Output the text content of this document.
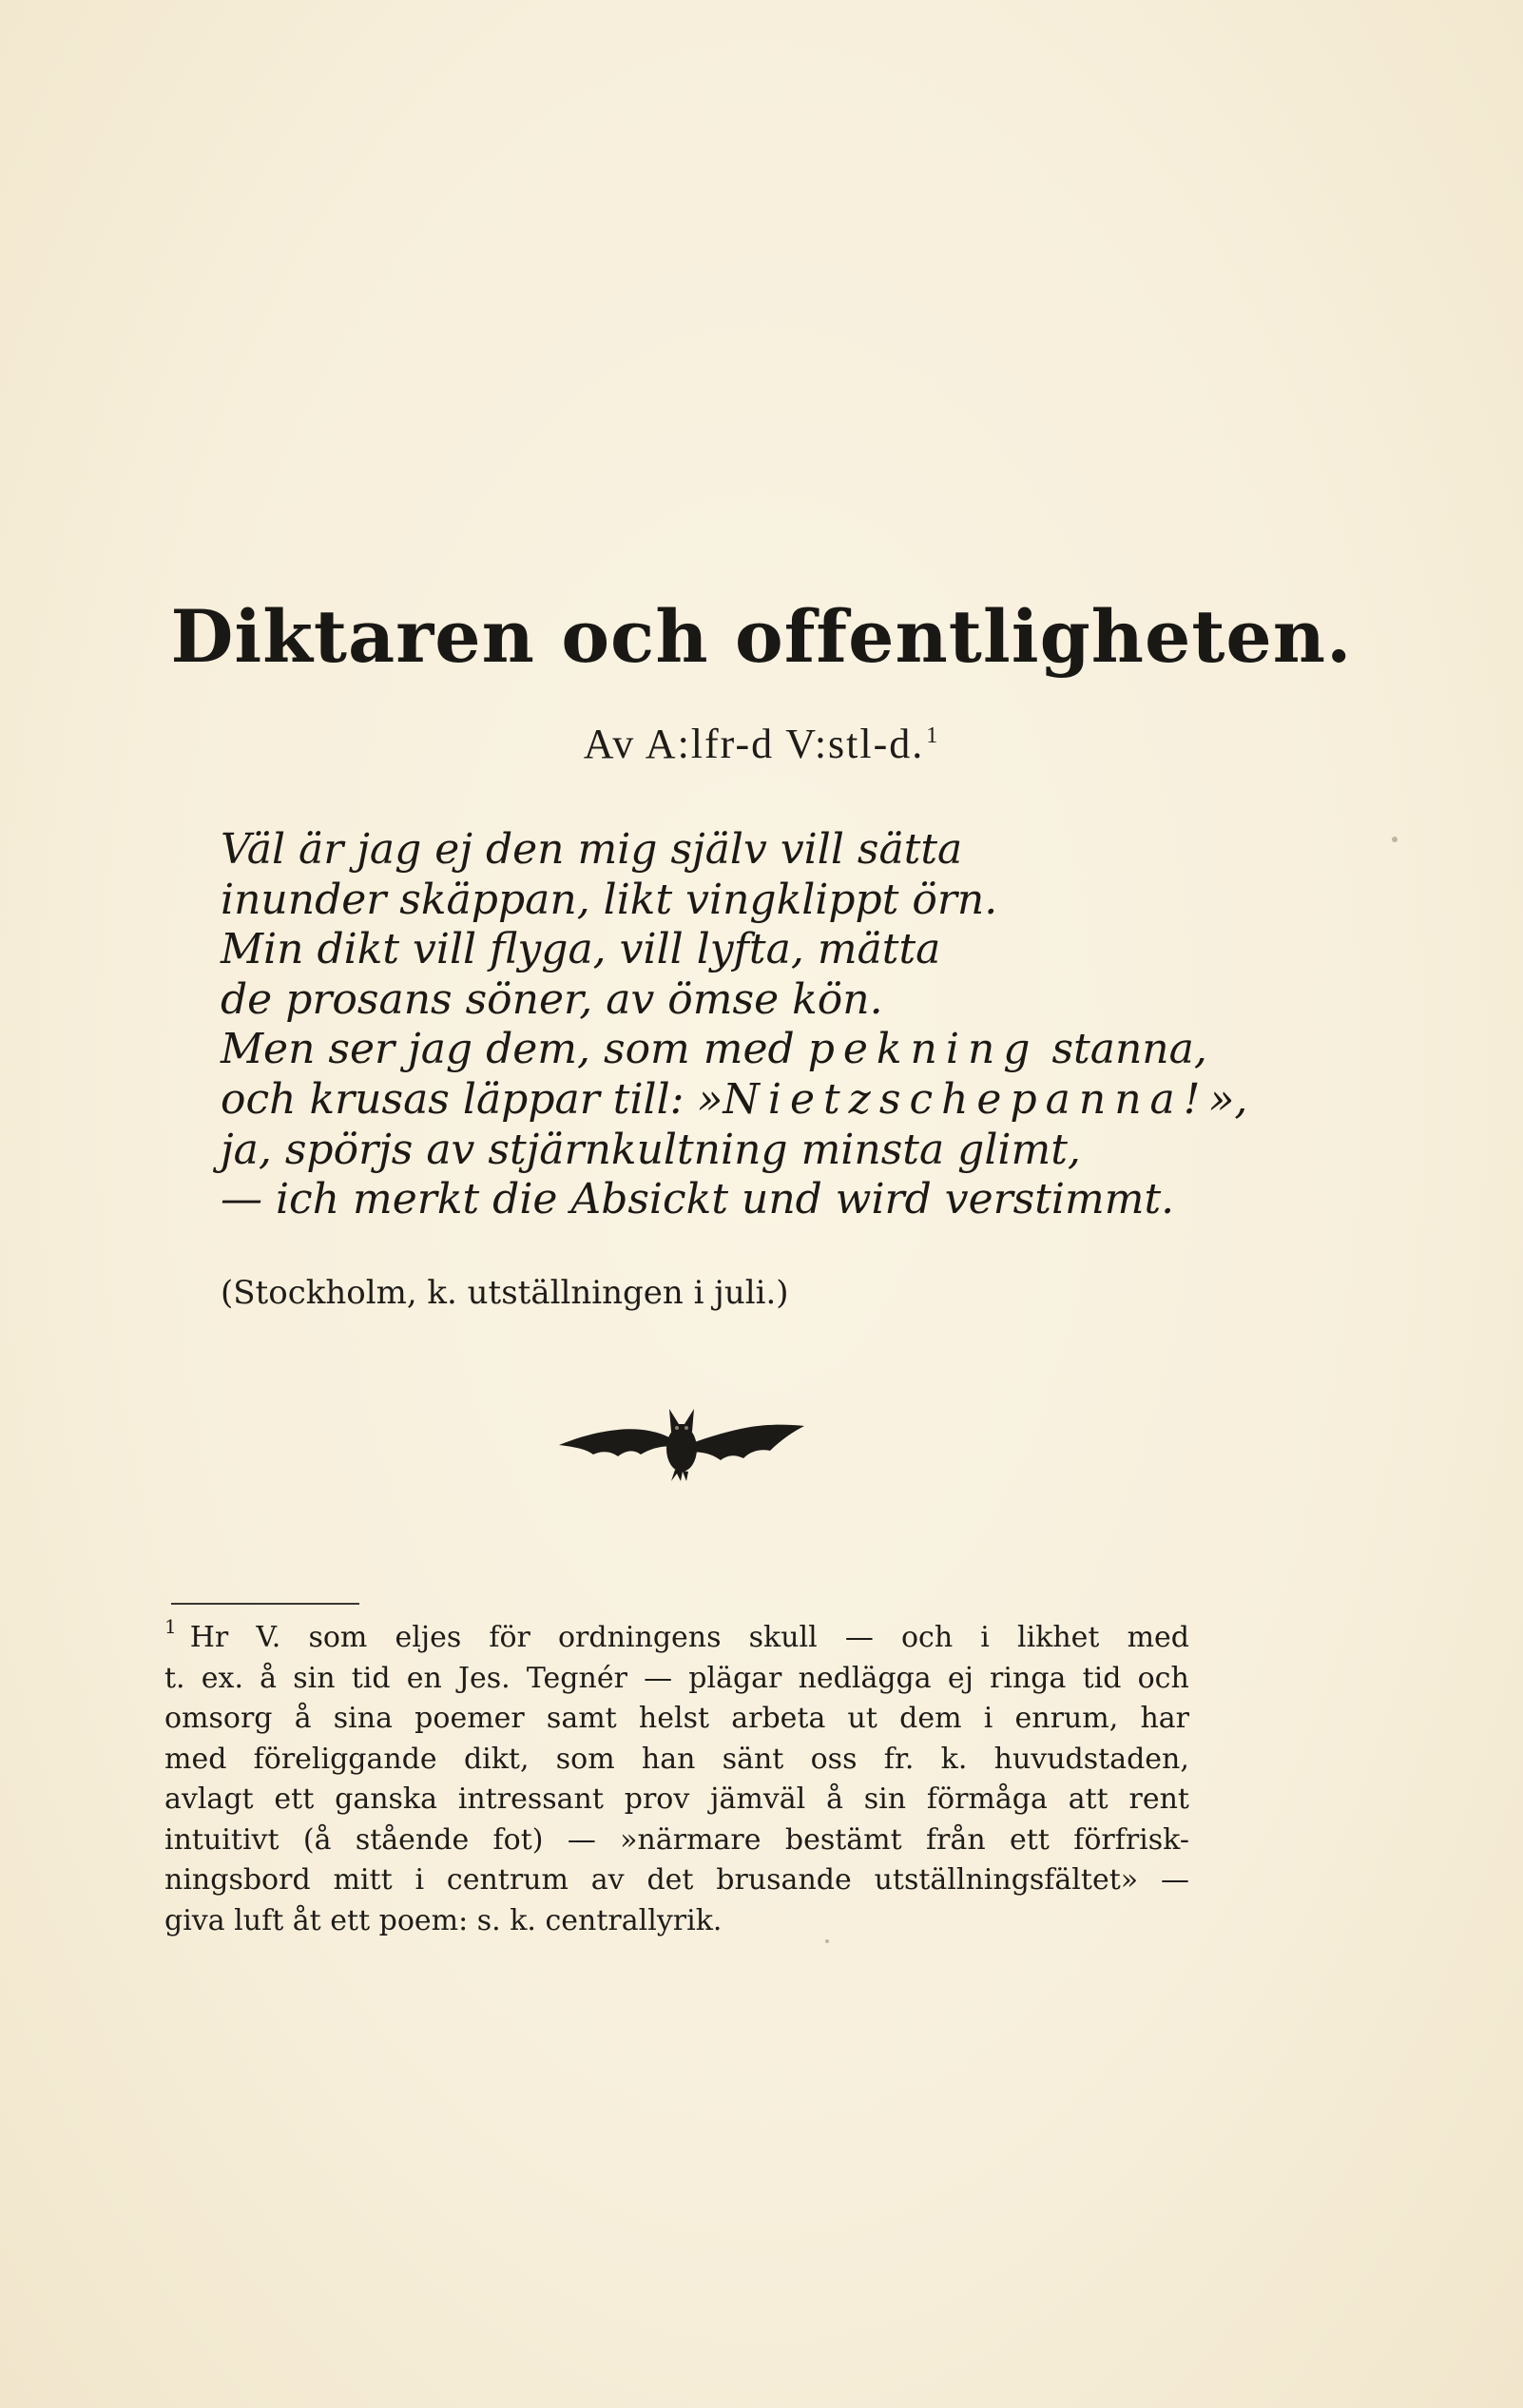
Diktaren och offentligheten.
Av A:lfr-d V:stl-d.$^1$
Väl är jag ej den mig själv vill sätta
inunder skäppan, likt vingklippt örn.
Min dikt vill flyga, vill lyfta, mätta
de prosans söner, av ömse kön.
Men ser jag dem, som med pekning stanna,
och krusas läppar till: »Nietzschepanna!»,
ja, spörjs av stjärnkultning minsta glimt,
— ich merkt die Absickt und wird verstimmt.
(Stockholm, k. utställningen i juli.)
1 Hr V. som eljes för ordningens skull — och i likhet med
t. ex. å sin tid en Jes. Tegnér — plägar nedlägga ej ringa tid och
omsorg å sina poemer samt helst arbeta ut dem i enrum, har
med föreliggande dikt, som han sänt oss fr. k. huvudstaden,
avlagt ett ganska intressant prov jämväl å sin förmåga att rent
intuitivt (å stående fot) — »närmare bestämt från ett förfrisk-
ningsbord mitt i centrum av det brusande utställningsfältet» —
giva luft åt ett poem: s. k. centrallyrik.
